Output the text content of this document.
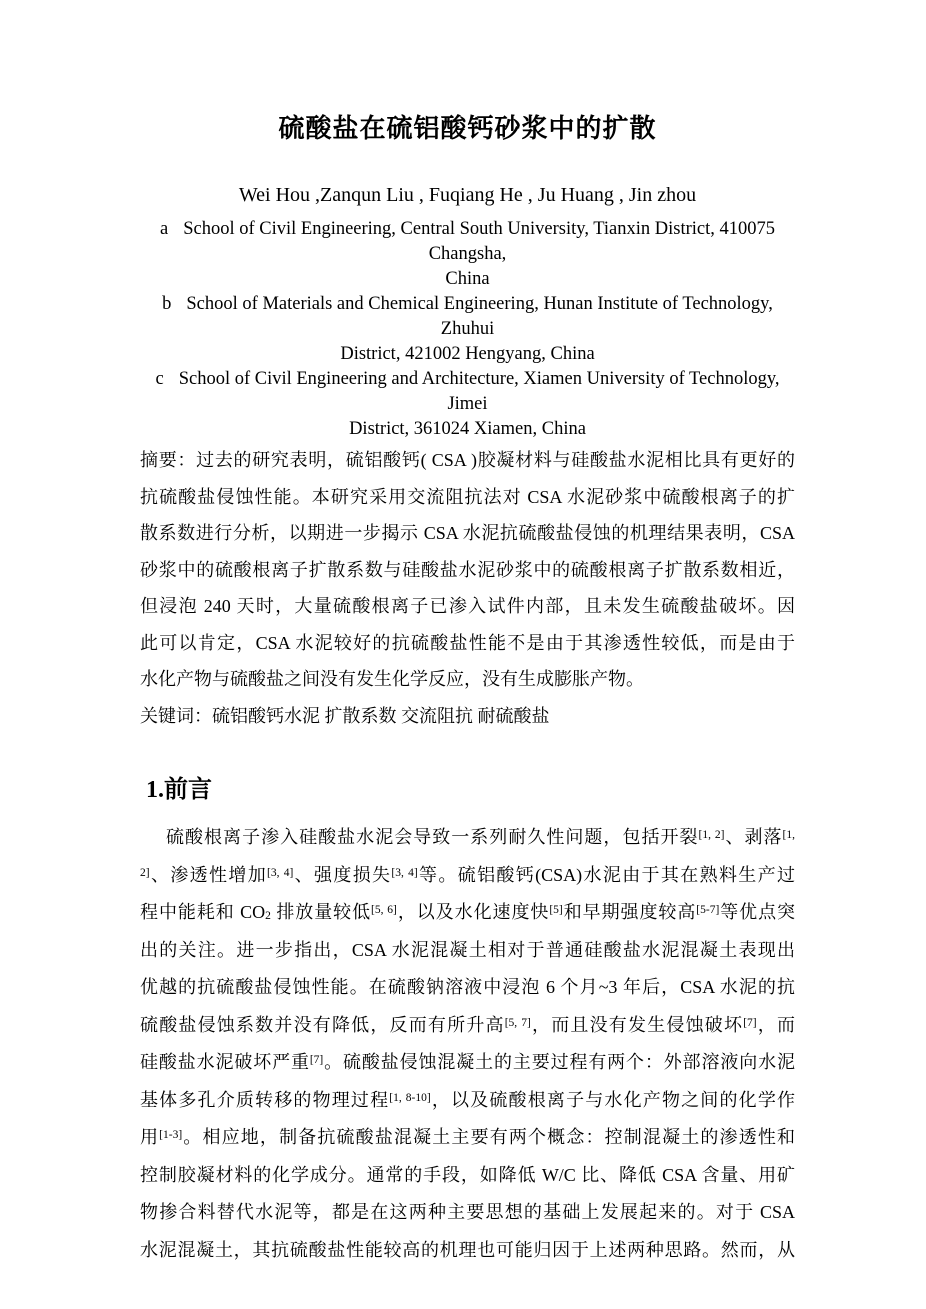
硫酸盐在硫铝酸钙砂浆中的扩散
Wei Hou ,Zanqun Liu , Fuqiang He , Ju Huang , Jin zhou
a School of Civil Engineering, Central South University, Tianxin District, 410075 Changsha,
China
b School of Materials and Chemical Engineering, Hunan Institute of Technology, Zhuhui
District, 421002 Hengyang, China
c School of Civil Engineering and Architecture, Xiamen University of Technology, Jimei
District, 361024 Xiamen, China
摘要：过去的研究表明，硫铝酸钙( CSA )胶凝材料与硅酸盐水泥相比具有更好的
抗硫酸盐侵蚀性能。本研究采用交流阻抗法对 CSA 水泥砂浆中硫酸根离子的扩
散系数进行分析，以期进一步揭示 CSA 水泥抗硫酸盐侵蚀的机理结果表明，CSA
砂浆中的硫酸根离子扩散系数与硅酸盐水泥砂浆中的硫酸根离子扩散系数相近，
但浸泡 240 天时，大量硫酸根离子已渗入试件内部，且未发生硫酸盐破坏。因
此可以肯定，CSA 水泥较好的抗硫酸盐性能不是由于其渗透性较低，而是由于
水化产物与硫酸盐之间没有发生化学反应，没有生成膨胀产物。
关键词：硫铝酸钙水泥 扩散系数 交流阻抗 耐硫酸盐
1.前言
硫酸根离子渗入硅酸盐水泥会导致一系列耐久性问题，包括开裂[1, 2]、剥落$^{[1,}$
$^{2]}$、渗透性增加[3, 4]、强度损失[3, 4]等。硫铝酸钙(CSA)水泥由于其在熟料生产过
程中能耗和 $CO_2$ 排放量较低[5, 6]，以及水化速度快[5]和早期强度较高[5-7]等优点突
出的关注。进一步指出，CSA 水泥混凝土相对于普通硅酸盐水泥混凝土表现出
优越的抗硫酸盐侵蚀性能。在硫酸钠溶液中浸泡 6 个月~3 年后，CSA 水泥的抗
硫酸盐侵蚀系数并没有降低，反而有所升高[5, 7]，而且没有发生侵蚀破坏[7]，而
硅酸盐水泥破坏严重[7]。硫酸盐侵蚀混凝土的主要过程有两个：外部溶液向水泥
基体多孔介质转移的物理过程[1, 8-10]，以及硫酸根离子与水化产物之间的化学作
用[1-3]。相应地，制备抗硫酸盐混凝土主要有两个概念：控制混凝土的渗透性和
控制胶凝材料的化学成分。通常的手段，如降低 W/C 比、降低 CSA 含量、用矿
物掺合料替代水泥等，都是在这两种主要思想的基础上发展起来的。对于 CSA
水泥混凝土，其抗硫酸盐性能较高的机理也可能归因于上述两种思路。然而，从
